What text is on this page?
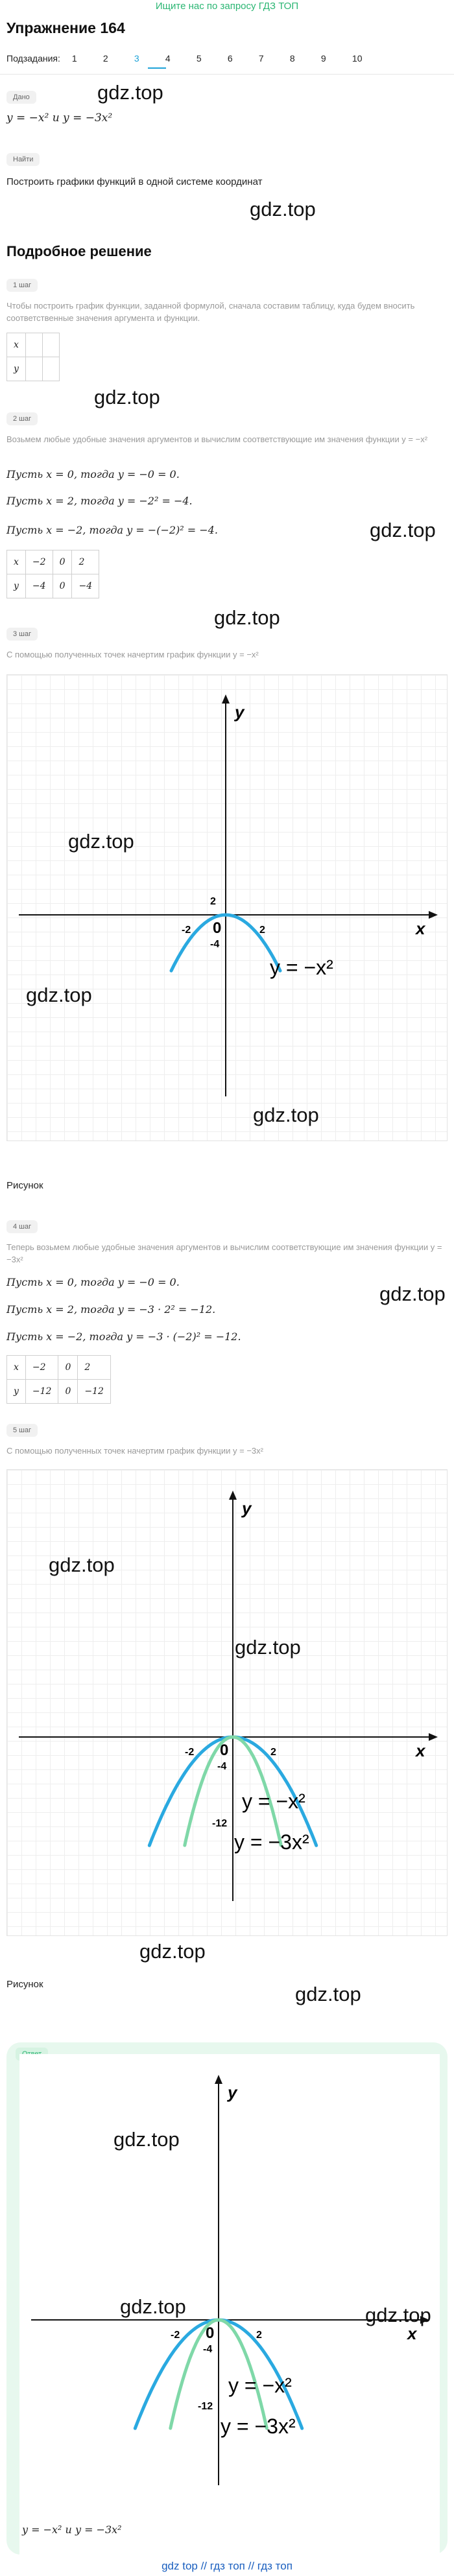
Ищите нас по запросу ГДЗ ТОП
Упражнение 164
Подзадания: 1	2	3	4	5	6	7	8	9	10
Дано
y = −x² и y = −3x²
gdz.top
Найти
Построить графики функций в одной системе координат
gdz.top
Подробное решение
1 шаг
Чтобы построить график функции, заданной формулой, сначала составим таблицу, куда будем вносить соответственные значения аргумента и функции.
x		
y		
gdz.top
2 шаг
Возьмем любые удобные значения аргументов и вычислим соответствующие им значения функции y = −x²
Пусть x = 0, тогда y = −0 = 0.
Пусть x = 2, тогда y = −2² = −4.
Пусть x = −2, тогда y = −(−2)² = −4.	gdz.top
x	−2	0	2
y	−4	0	−4
gdz.top
3 шаг
С помощью полученных точек начертим график функции y = −x²
x
y
-2 0	2
2
-4
y = −x²
gdz.top
gdz.top
gdz.top
Рисунок
4 шаг
Теперь возьмем любые удобные значения аргументов и вычислим соответствующие им значения функции y = −3x²
gdz.top
Пусть x = 0, тогда y = −0 = 0.
Пусть x = 2, тогда y = −3 · 2² = −12.
Пусть x = −2, тогда y = −3 · (−2)² = −12.
x	−2	0	2
y	−12	0	−12
5 шаг
С помощью полученных точек начертим график функции y = −3x²
x
y
-2 0	2
-4
-12
y = −x²
y = −3x²
gdz.top
gdz.top
gdz.top
Рисунок	gdz.top
x
y
-2 0	2
-4
-12
y = −x²
y = −3x²
gdz.top
gdz.top	gdz.top
y = −x² и y = −3x²
gdz top // гдз топ // гдз топ
